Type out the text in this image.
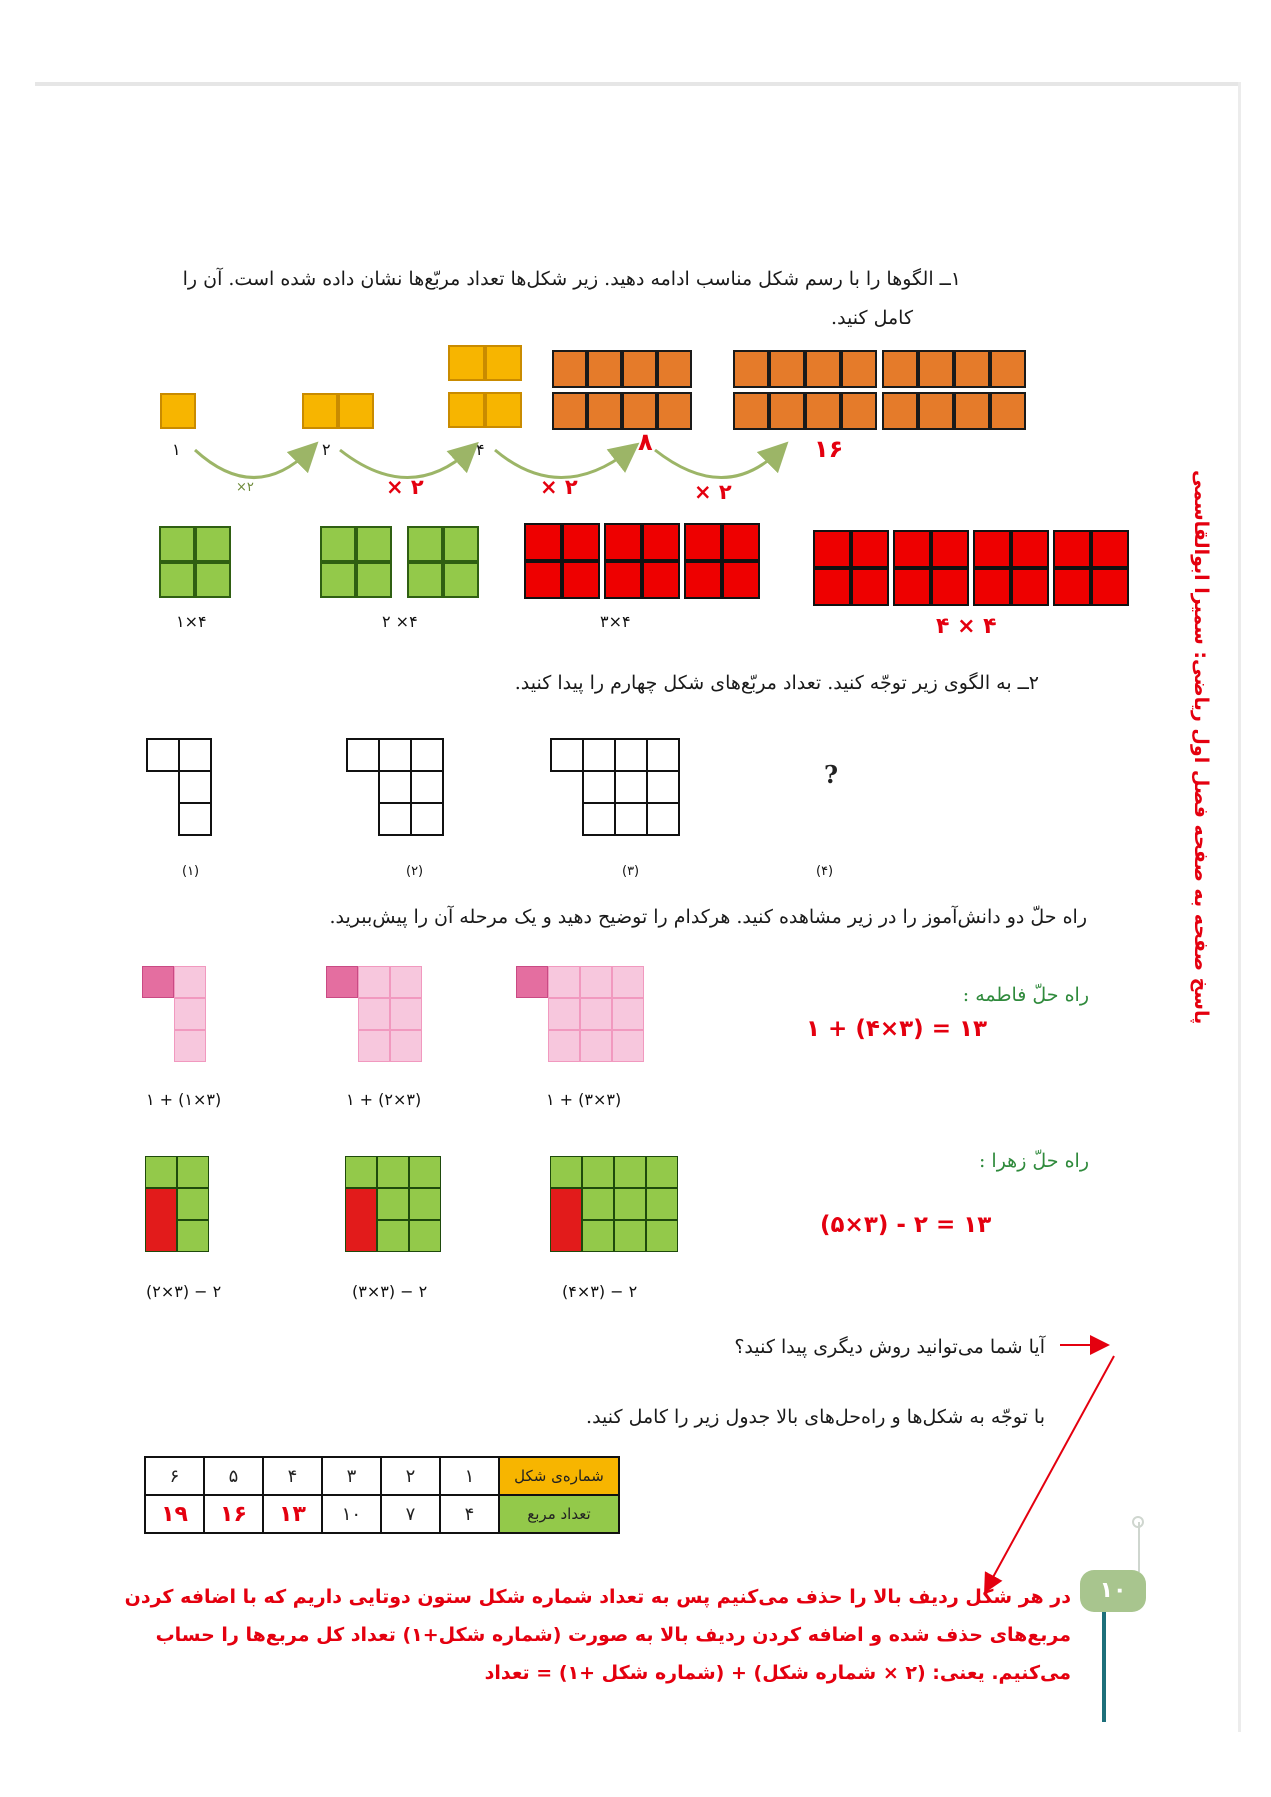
۱ــ الگوها را با رسم شکل مناسب ادامه دهید. زیر شکل‌ها تعداد مربّع‌ها نشان داده شده است. آن را
کامل کنید.
۱	۲	۴	۸	۱۶
×۲	× ۲	× ۲	× ۲
۱×۴	۲ ×۴	۳×۴	۴ × ۴
۲ــ به الگوی زیر توجّه کنید. تعداد مربّع‌های شکل چهارم را پیدا کنید.
?
(۱)	(۲)	(۳)	(۴)
راه حلّ دو دانش‌آموز را در زیر مشاهده کنید. هرکدام را توضیح دهید و یک مرحله آن را پیش‌ببرید.
راه حلّ فاطمه :
۱ + (۴×۳) = ۱۳
۱ + (۱×۳)	۱ + (۲×۳)	۱ + (۳×۳)
راه حلّ زهرا :
(۵×۳) - ۲ = ۱۳
(۲×۳) − ۲	(۳×۳) − ۲	(۴×۳) − ۲
آیا شما می‌توانید روش دیگری پیدا کنید؟
با توجّه به شکل‌ها و راه‌حل‌های بالا جدول زیر را کامل کنید.
۶	۵	۴	۳	۲	۱	شماره‌ی شکل
۱۹	۱۶	۱۳	۱۰	۷	۴	تعداد مربع
پاسخ صفحه به صفحه فصل اول ریاضی: سمیرا ابوالقاسمی
۱۰
در هر شکل ردیف بالا را حذف می‌کنیم پس به تعداد شماره شکل ستون دوتایی داریم که با اضافه کردن
مربع‌های حذف شده و اضافه کردن ردیف بالا به صورت (شماره شکل+۱) تعداد کل مربع‌ها را حساب
می‌کنیم. یعنی: (۲ × شماره شکل) + (شماره شکل +۱) = تعداد
